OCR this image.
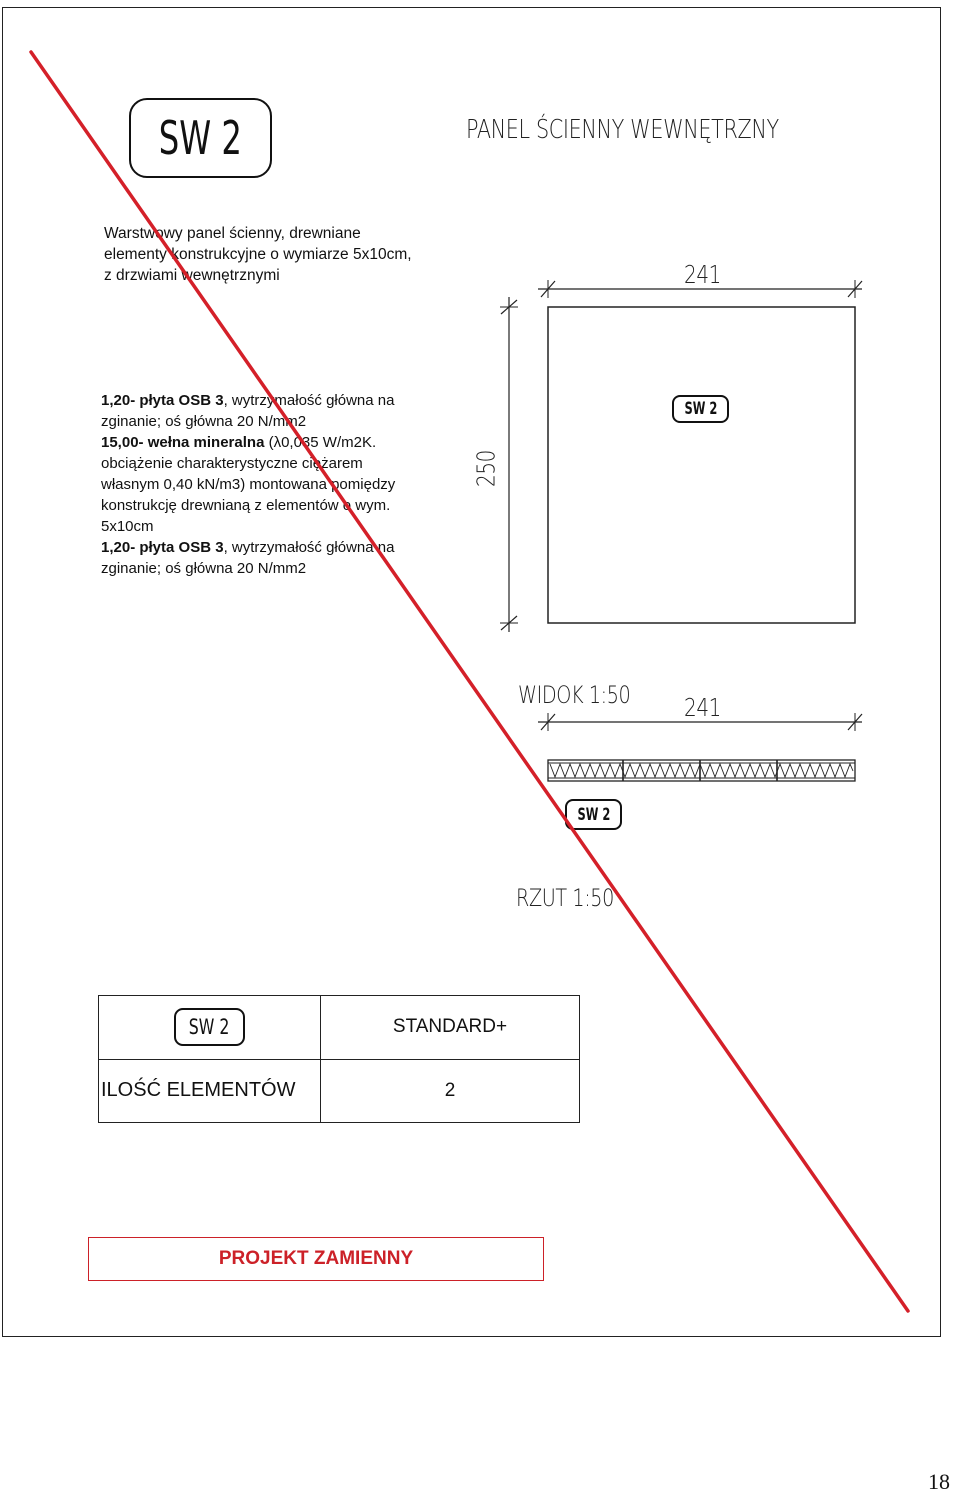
SW 2	PANEL ŚCIENNY WEWNĘTRZNY
Warstwowy panel ścienny, drewniane
elementy konstrukcyjne o wymiarze 5x10cm,
z drzwiami wewnętrznymi
1,20- płyta OSB 3, wytrzymałość główna na
zginanie; oś główna 20 N/mm2
15,00- wełna mineralna (λ0,035 W/m2K.
obciążenie charakterystyczne ciężarem
własnym 0,40 kN/m3) montowana pomiędzy
konstrukcję drewnianą z elementów o wym.
5x10cm
1,20- płyta OSB 3, wytrzymałość główna na
zginanie; oś główna 20 N/mm2
241
250
SW 2
WIDOK 1:50 241
SW 2
RZUT 1:50
SW 2	STANDARD+
ILOŚĆ ELEMENTÓW	2
PROJEKT ZAMIENNY
18
